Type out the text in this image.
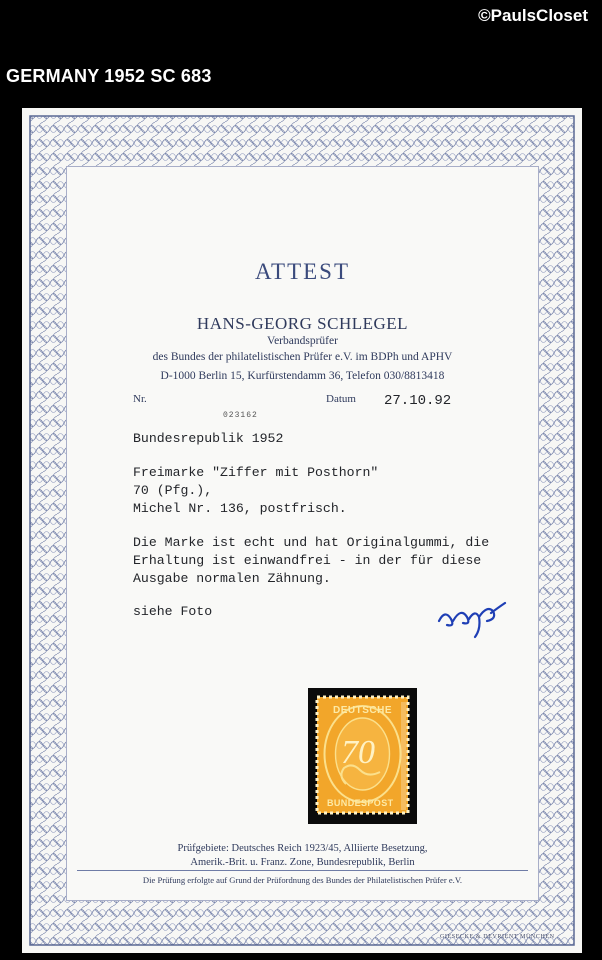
©PaulsCloset
GERMANY 1952 SC 683
ATTEST
HANS-GEORG SCHLEGEL
Verbandsprüfer
des Bundes der philatelistischen Prüfer e.V. im BDPh und APHV
D-1000 Berlin 15, Kurfürstendamm 36, Telefon 030/8813418
Nr.
023162
Datum 27.10.92
Bundesrepublik 1952
Freimarke "Ziffer mit Posthorn"
70 (Pfg.),
Michel Nr. 136, postfrisch.
Die Marke ist echt und hat Originalgummi, die
Erhaltung ist einwandfrei - in der für diese
Ausgabe normalen Zähnung.
siehe Foto
DEUTSCHE
70
BUNDESPOST
Prüfgebiete: Deutsches Reich 1923/45, Alliierte Besetzung,
Amerik.-Brit. u. Franz. Zone, Bundesrepublik, Berlin
Die Prüfung erfolgte auf Grund der Prüfordnung des Bundes der Philatelistischen Prüfer e.V.
GIESECKE & DEVRIENT MÜNCHEN
